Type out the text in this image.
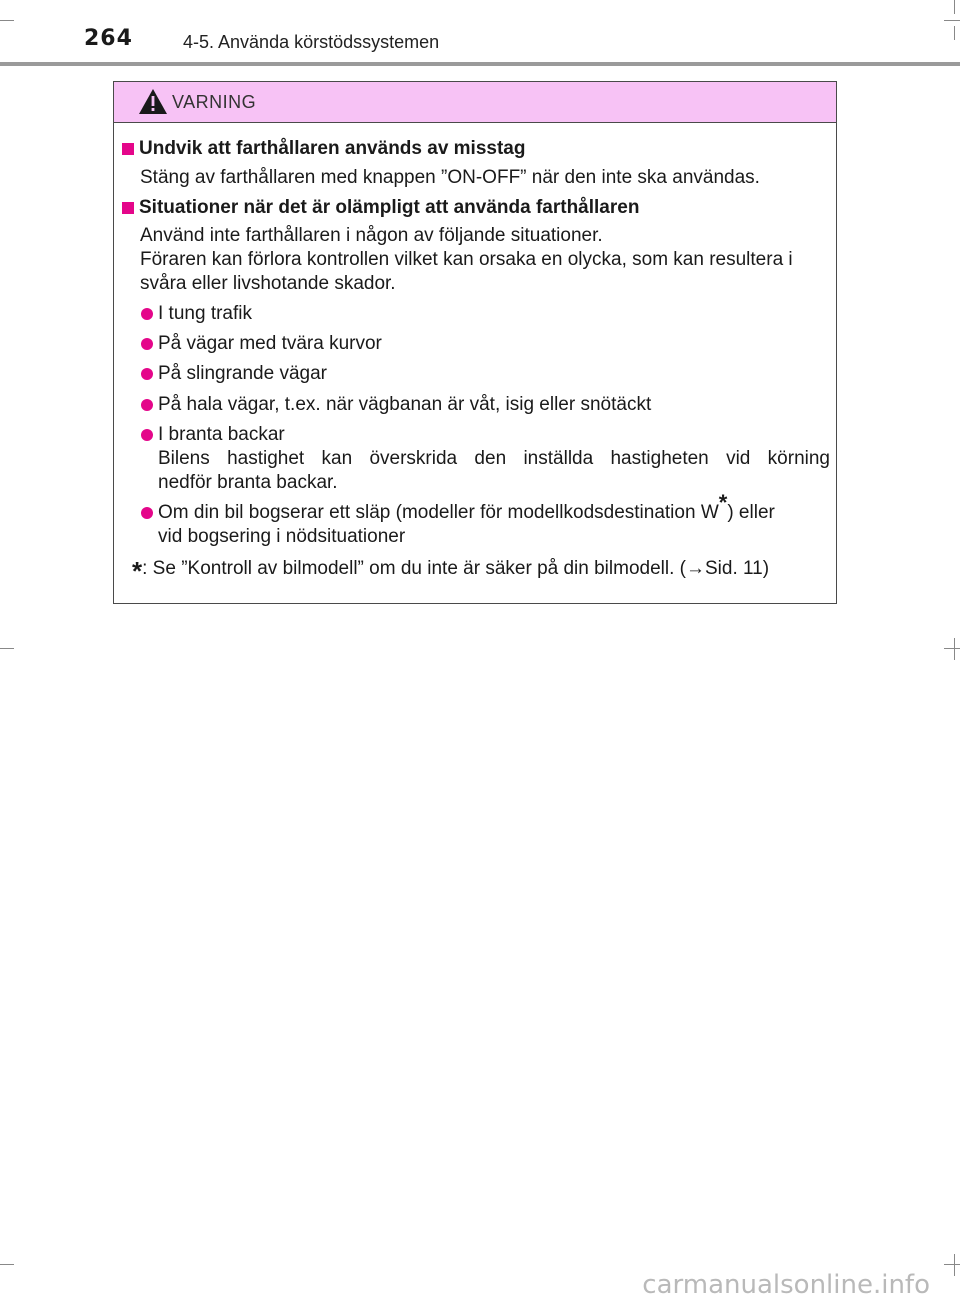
264	4-5. Använda körstödssystemen
VARNING
Undvik att farthållaren används av misstag
Stäng av farthållaren med knappen ”ON-OFF” när den inte ska användas.
Situationer när det är olämpligt att använda farthållaren
Använd inte farthållaren i någon av följande situationer.
Föraren kan förlora kontrollen vilket kan orsaka en olycka, som kan resultera i
svåra eller livshotande skador.
I tung trafik
På vägar med tvära kurvor
På slingrande vägar
På hala vägar, t.ex. när vägbanan är våt, isig eller snötäckt
I branta backar
Bilens hastighet kan överskrida den inställda hastigheten vid körning
nedför branta backar.
Om din bil bogserar ett släp (modeller för modellkodsdestination W*) eller
vid bogsering i nödsituationer
*: Se ”Kontroll av bilmodell” om du inte är säker på din bilmodell. (→Sid. 11)
carmanualsonline.info
